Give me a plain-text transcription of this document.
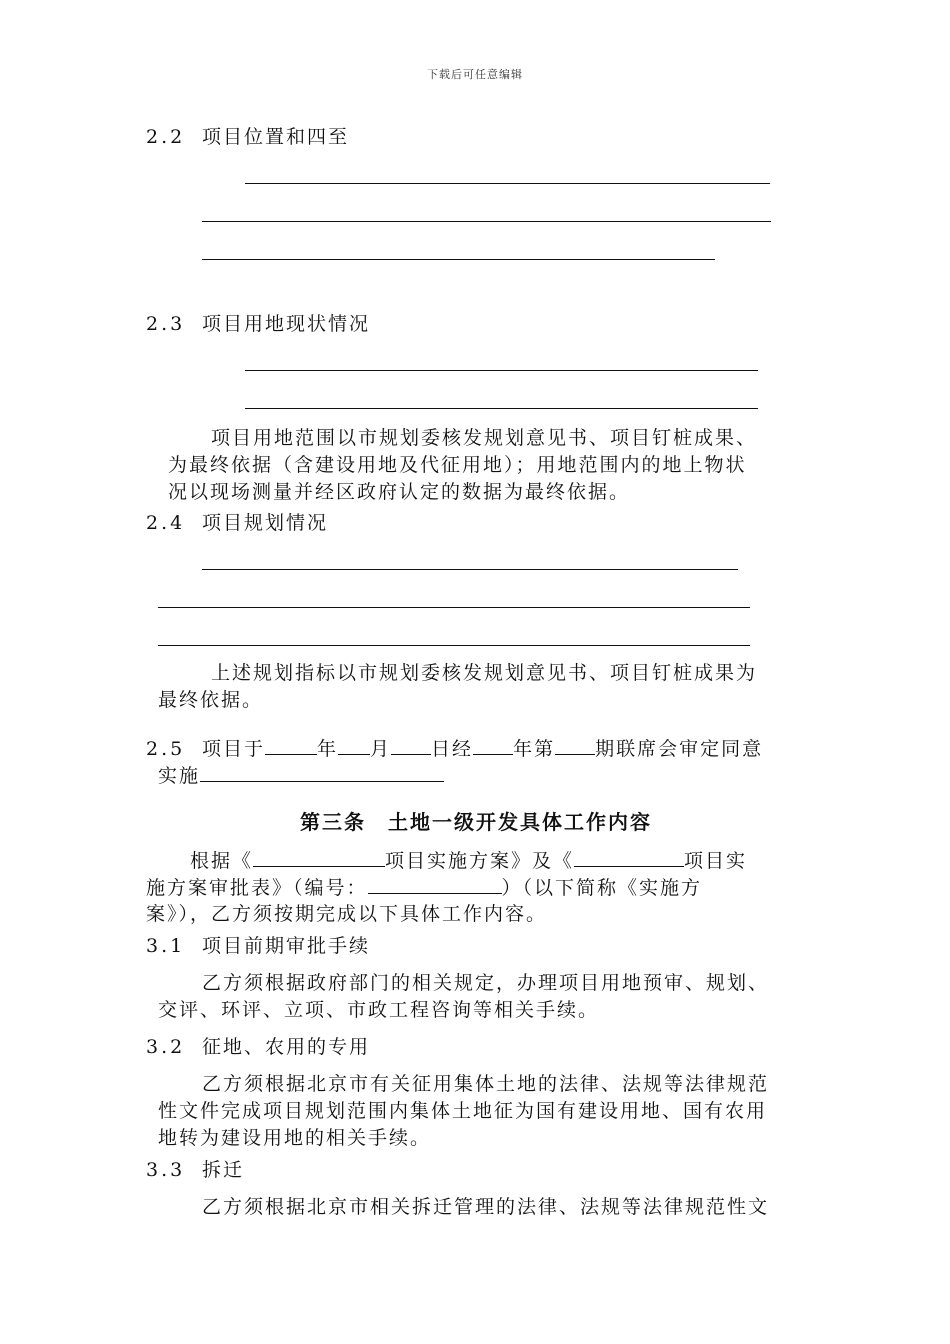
下载后可任意编辑
2.2 项目位置和四至
2.3 项目用地现状情况
项目用地范围以市规划委核发规划意见书、项目钉桩成果、
为最终依据（含建设用地及代征用地）；用地范围内的地上物状
况以现场测量并经区政府认定的数据为最终依据。
2.4 项目规划情况
上述规划指标以市规划委核发规划意见书、项目钉桩成果为
最终依据。
2.5 项目于	年 月 日经 年第 期联席会审定同意
实施
第三条　土地一级开发具体工作内容
根据《	项目实施方案》及《	项目实
施方案审批表》（编号：	）（以下简称《实施方
案》），乙方须按期完成以下具体工作内容。
3.1 项目前期审批手续
乙方须根据政府部门的相关规定，办理项目用地预审、规划、
交评、环评、立项、市政工程咨询等相关手续。
3.2 征地、农用的专用
乙方须根据北京市有关征用集体土地的法律、法规等法律规范
性文件完成项目规划范围内集体土地征为国有建设用地、国有农用
地转为建设用地的相关手续。
3.3 拆迁
乙方须根据北京市相关拆迁管理的法律、法规等法律规范性文
